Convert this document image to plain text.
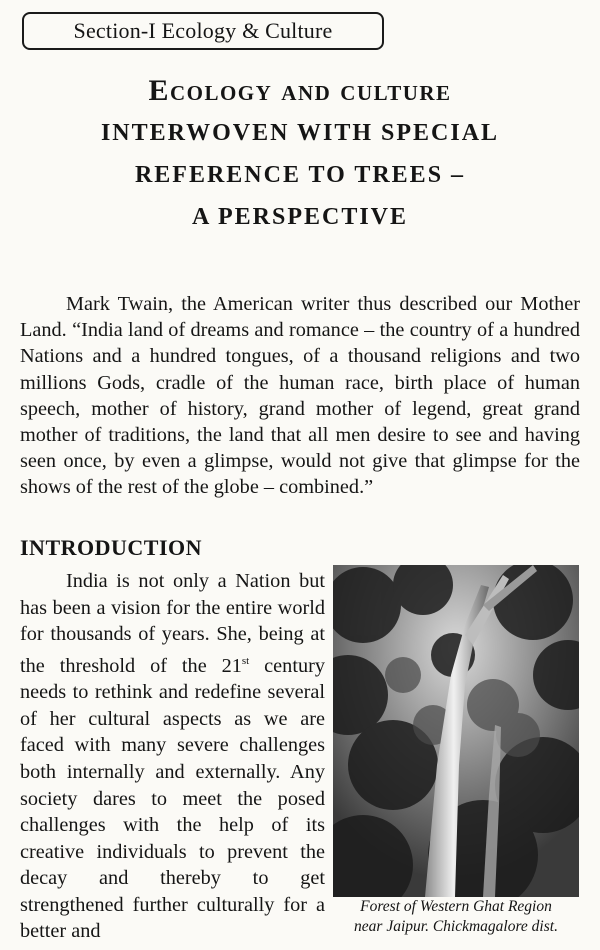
Section-I Ecology & Culture
Ecology and culture
INTERWOVEN WITH SPECIAL
REFERENCE TO TREES –
A PERSPECTIVE

Mark Twain, the American writer thus described our Mother Land. “India land of dreams and romance – the country of a hundred Nations and a hundred tongues, of a thousand religions and two millions Gods, cradle of the human race, birth place of human speech, mother of history, grand mother of legend, great grand mother of traditions, the land that all men desire to see and having seen once, by even a glimpse, would not give that glimpse for the shows of the rest of the globe – combined.”

INTRODUCTION

India is not only a Nation but has been a vision for the entire world for thousands of years. She, being at the threshold of the 21st century needs to rethink and redefine several of her cultural aspects as we are faced with many severe challenges both internally and externally. Any society dares to meet the posed challenges with the help of its creative individuals to prevent the decay and thereby to get strengthened further culturally for a better and

Forest of Western Ghat Region
near Jaipur. Chickmagalore dist.
